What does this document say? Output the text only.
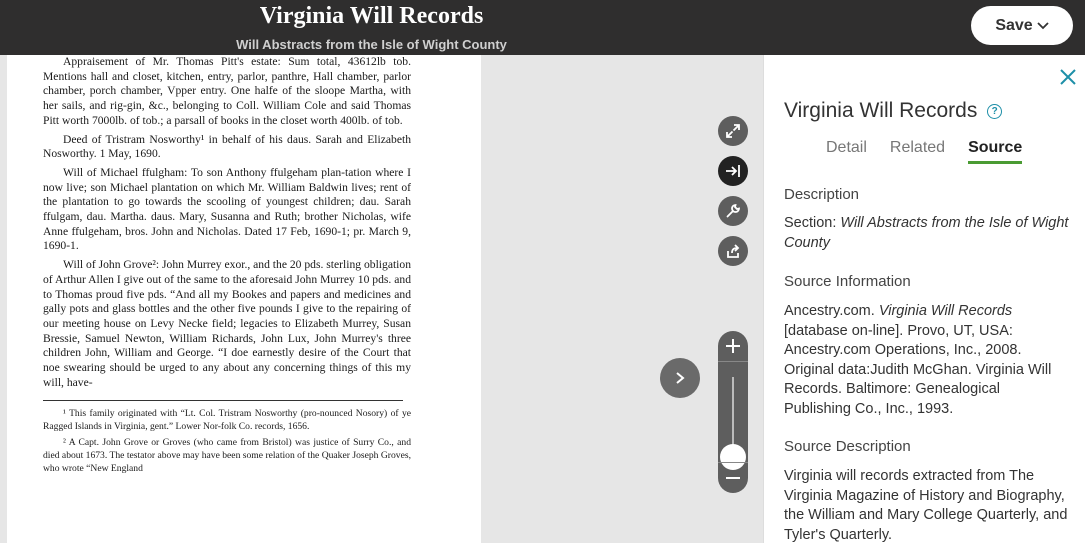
Virginia Will Records
Will Abstracts from the Isle of Wight County
Save

Appraisement of Mr. Thomas Pitt's estate: Sum total, 43612lb tob. Mentions hall and closet, kitchen, entry, parlor, panthre, Hall chamber, parlor chamber, porch chamber, Vpper entry. One halfe of the sloope Martha, with her sails, and rig-gin, &c., belonging to Coll. William Cole and said Thomas Pitt worth 7000lb. of tob.; a parsall of books in the closet worth 400lb. of tob.

Deed of Tristram Nosworthy¹ in behalf of his daus. Sarah and Elizabeth Nosworthy. 1 May, 1690.

Will of Michael ffulgham: To son Anthony ffulgeham plan-tation where I now live; son Michael plantation on which Mr. William Baldwin lives; rent of the plantation to go towards the scooling of youngest children; dau. Sarah ffulgam, dau. Martha. daus. Mary, Susanna and Ruth; brother Nicholas, wife Anne ffulgeham, bros. John and Nicholas. Dated 17 Feb, 1690-1; pr. March 9, 1690-1.

Will of John Grove²: John Murrey exor., and the 20 pds. sterling obligation of Arthur Allen I give out of the same to the aforesaid John Murrey 10 pds. and to Thomas proud five pds. “And all my Bookes and papers and medicines and gally pots and glass bottles and the other five pounds I give to the repairing of our meeting house on Levy Necke field; legacies to Elizabeth Murrey, Susan Bressie, Samuel Newton, William Richards, John Lux, John Murrey's three children John, William and George. “I doe earnestly desire of the Court that noe swearing should be urged to any about any concerning things of this my will, have-

¹ This family originated with “Lt. Col. Tristram Nosworthy (pro-nounced Nosory) of ye Ragged Islands in Virginia, gent.” Lower Nor-folk Co. records, 1656.

² A Capt. John Grove or Groves (who came from Bristol) was justice of Surry Co., and died about 1673. The testator above may have been some relation of the Quaker Joseph Groves, who wrote “New England

Virginia Will Records ?
Detail Related Source
Description
Section: Will Abstracts from the Isle of Wight County
Source Information
Ancestry.com. Virginia Will Records [database on-line]. Provo, UT, USA: Ancestry.com Operations, Inc., 2008. Original data:Judith McGhan. Virginia Will Records. Baltimore: Genealogical Publishing Co., Inc., 1993.
Source Description
Virginia will records extracted from The Virginia Magazine of History and Biography, the William and Mary College Quarterly, and Tyler's Quarterly.
